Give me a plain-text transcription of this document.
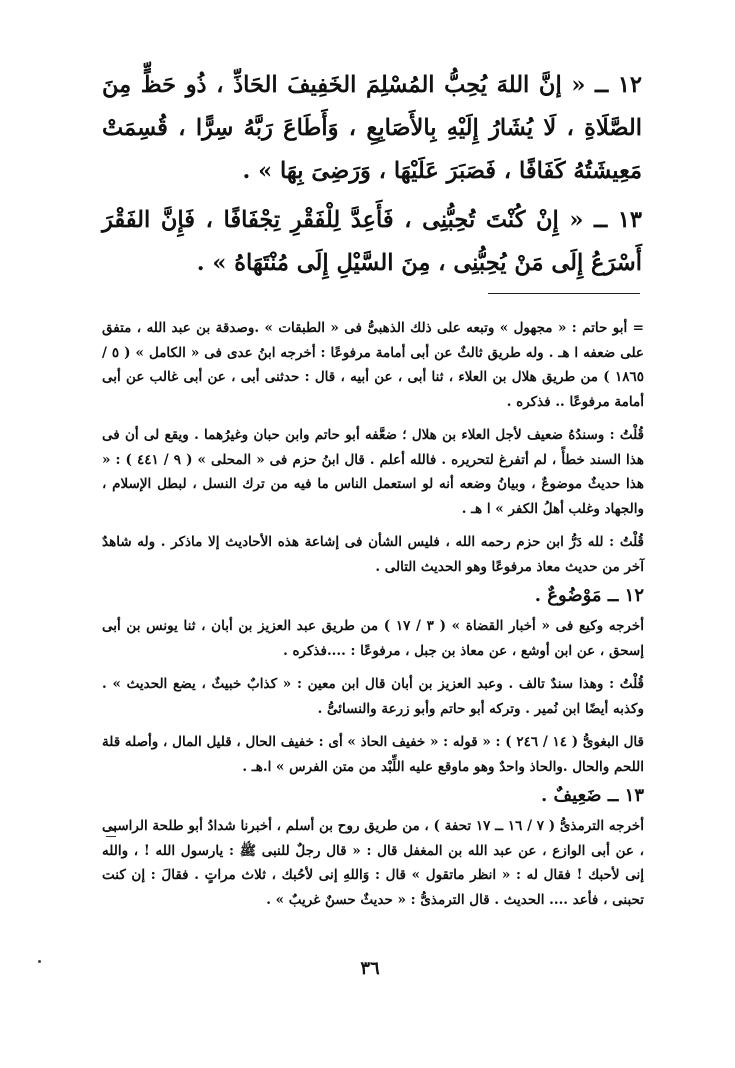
١٢ ــ « إنَّ اللهَ يُحِبُّ المُسْلِمَ الخَفِيفَ الحَاذِّ ، ذُو حَظٍّ مِنَ الصَّلَاةِ ، لَا يُشَارُ إِلَيْهِ بِالأَصَابِعِ ، وَأَطَاعَ رَبَّهُ سِرًّا ، قُسِمَتْ مَعِيشَتُهُ كَفَافًا ، فَصَبَرَ عَلَيْهَا ، وَرَضِىَ بِهَا » .

١٣ ــ « إِنْ كُنْتَ تُحِبُّنِى ، فَأَعِدَّ لِلْفَقْرِ تِجْفَافًا ، فَإِنَّ الفَقْرَ أَسْرَعُ إِلَى مَنْ يُحِبُّنِى ، مِنَ السَّيْلِ إِلَى مُنْتَهَاهُ » .

= أبو حاتم : « مجهول » وتبعه على ذلك الذهبىُّ فى « الطبقات » .وصدقة بن عبد الله ، متفق على ضعفه ا هـ . وله طريق ثالثٌ عن أبى أمامة مرفوعًا : أخرجه ابنُ عدى فى « الكامل » ( ٥ / ١٨٦٥ ) من طريق هلال بن العلاء ، ثنا أبى ، عن أبيه ، قال : حدثنى أبى ، عن أبى غالب عن أبى أمامة مرفوعًا .. فذكره .

قُلْتُ : وسندُهُ ضعيف لأجل العلاء بن هلال ؛ ضعَّفه أبو حاتم وابن حبان وغيرُهما . ويقع لى أن فى هذا السند خطأً ، لم أتفرغ لتحريره . فالله أعلم . قال ابنُ حزم فى « المحلى » ( ٩ / ٤٤١ ) : « هذا حديثٌ موضوعٌ ، وبيانُ وضعه أنه لو استعمل الناس ما فيه من ترك النسل ، لبطل الإسلام ، والجهاد وغلب أهلُ الكفر » ا هـ .

قُلْتُ : لله دَرُّ ابن حزم رحمه الله ، فليس الشأن فى إشاعة هذه الأحاديث إلا ماذكر . وله شاهدٌ آخر من حديث معاذ مرفوعًا وهو الحديث التالى .

١٢ ــ مَوْضُوعٌ .

أخرجه وكيع فى « أخبار القضاة » ( ٣ / ١٧ ) من طريق عبد العزيز بن أبان ، ثنا يونس بن أبى إسحق ، عن ابن أوشع ، عن معاذ بن جبل ، مرفوعًا : ....فذكره .

قُلْتُ : وهذا سندٌ تالف . وعبد العزيز بن أبان قال ابن معين : « كذابٌ خبيثٌ ، يضع الحديث » . وكذبه أيضًا ابن نُمير . وتركه أبو حاتم وأبو زرعة والنسائىُّ .

قال البغوىُّ ( ١٤ / ٢٤٦ ) : « قوله : « خفيف الحاذ » أى : خفيف الحال ، قليل المال ، وأصله قلة اللحم والحال .والحاذ واحدٌ وهو ماوقع عليه اللِّبْد من متن الفرس » ا.هـ .

١٣ ــ ضَعِيفٌ .

أخرجه الترمذىُّ ( ٧ / ١٦ ــ ١٧ تحفة ) ، من طريق روح بن أسلم ، أخبرنا شدادُ أبو طلحة الراسبى ، عن أبى الوازع ، عن عبد الله بن المغفل قال : « قال رجلٌ للنبى ﷺ : يارسول الله ! ، والله إنى لأحبك ! فقال له : « انظر ماتقول » قال : وَاللهِ إنى لأحُبك ، ثلاث مراتٍ . فقالَ : إن كنت تحبنى ، فأعد .... الحديث . قال الترمذىُّ : « حديثٌ حسنٌ غريبٌ » .

٣٦
